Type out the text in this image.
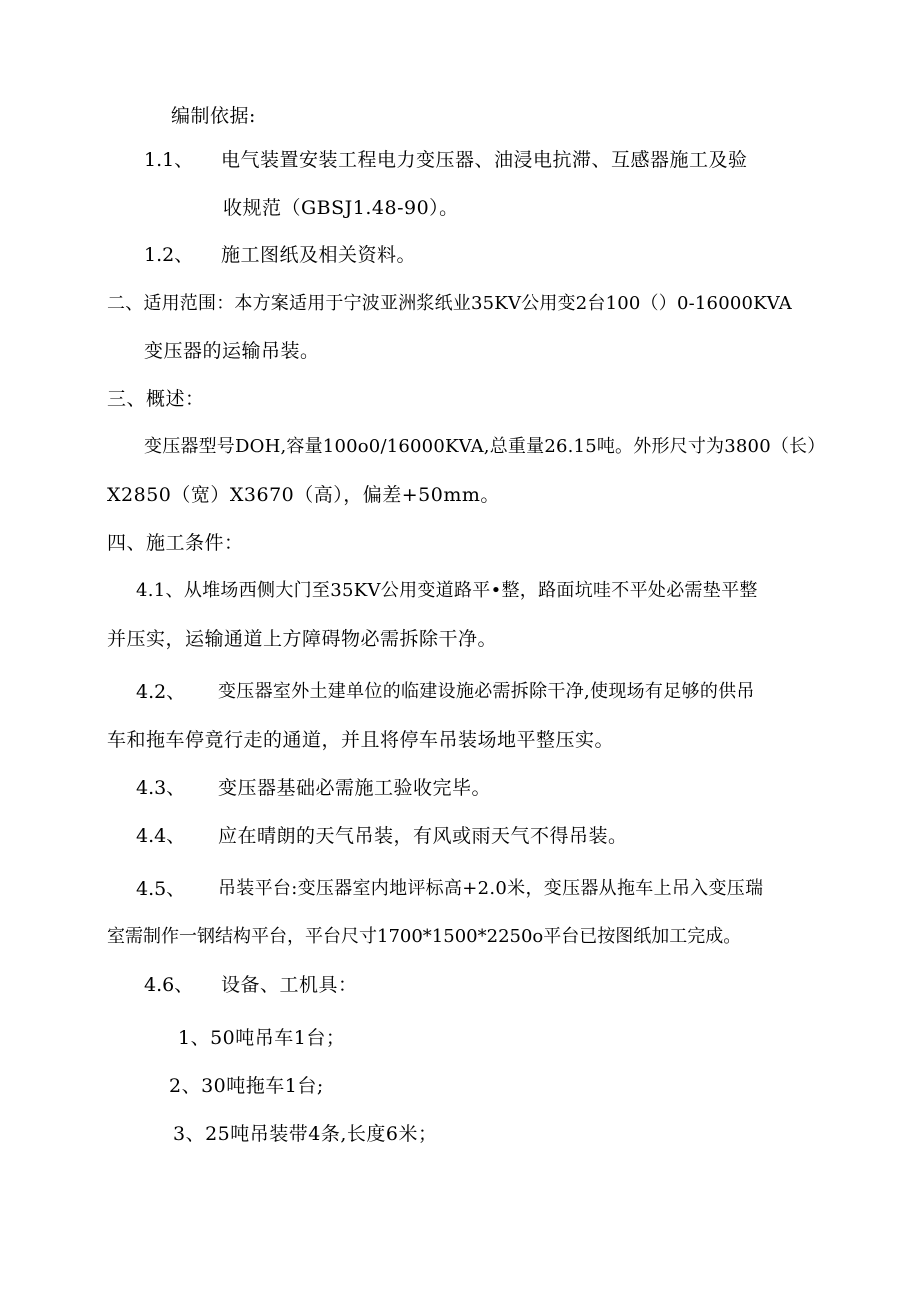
编制依据:
1.1、 电气装置安装工程电力变压器、油浸电抗滞、互感器施工及验
收规范（GBSJ1.48-90）。
1.2、 施工图纸及相关资料。
二、适用范围：本方案适用于宁波亚洲浆纸业35KV公用变2台100（）0-16000KVA
变压器的运输吊装。
三、概述：
变压器型号DOH,容量100o0/16000KVA,总重量26.15吨。外形尺寸为3800（长）
X2850（宽）X3670（高），偏差+50mm。
四、施工条件：
4.1、从堆场西侧大门至35KV公用变道路平•整，路面坑哇不平处必需垫平整
并压实，运输通道上方障碍物必需拆除干净。
4.2、 变压器室外土建单位的临建设施必需拆除干净,使现场有足够的供吊
车和拖车停竟行走的通道，并且将停车吊装场地平整压实。
4.3、 变压器基础必需施工验收完毕。
4.4、 应在晴朗的天气吊装，有风或雨天气不得吊装。
4.5、 吊装平台:变压器室内地评标高+2.0米，变压器从拖车上吊入变压瑞
室需制作一钢结构平台，平台尺寸1700*1500*2250o平台已按图纸加工完成。
4.6、 设备、工机具：
1、50吨吊车1台；
2、30吨拖车1台;
3、25吨吊装带4条,长度6米；
